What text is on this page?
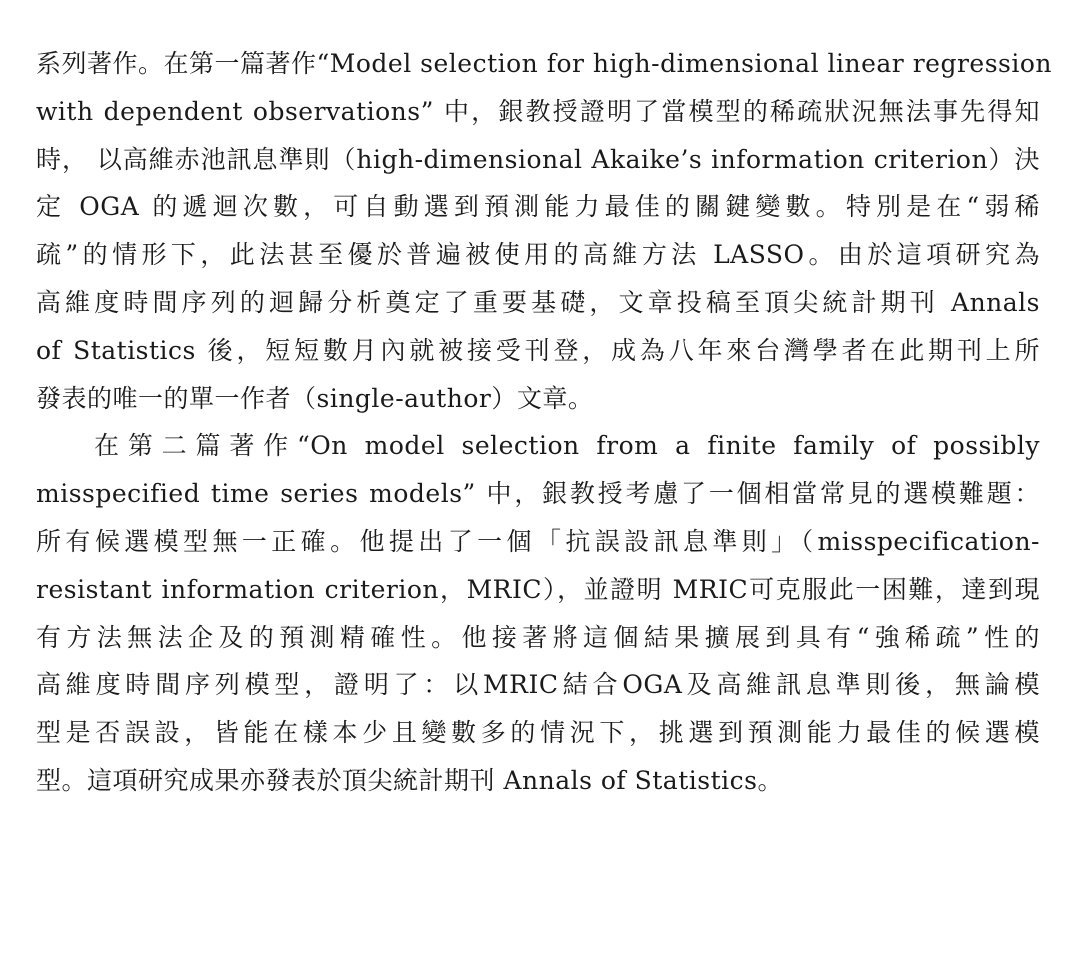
系列著作。在第一篇著作“Model selection for high-dimensional linear regression
with dependent observations” 中，銀教授證明了當模型的稀疏狀況無法事先得知
時， 以高維赤池訊息準則（high-dimensional Akaike’s information criterion）決
定 OGA 的遞迴次數，可自動選到預測能力最佳的關鍵變數。特別是在“弱稀
疏”的情形下，此法甚至優於普遍被使用的高維方法 LASSO。由於這項研究為
高維度時間序列的迴歸分析奠定了重要基礎，文章投稿至頂尖統計期刊 Annals
of Statistics 後，短短數月內就被接受刊登，成為八年來台灣學者在此期刊上所
發表的唯一的單一作者（single-author）文章。
在第二篇著作“On model selection from a finite family of possibly
misspecified time series models” 中，銀教授考慮了一個相當常見的選模難題：
所有候選模型無一正確。他提出了一個「抗誤設訊息準則」（misspecification-
resistant information criterion，MRIC），並證明 MRIC可克服此一困難，達到現
有方法無法企及的預測精確性。他接著將這個結果擴展到具有“強稀疏”性的
高維度時間序列模型，證明了：以MRIC結合OGA及高維訊息準則後，無論模
型是否誤設，皆能在樣本少且變數多的情況下，挑選到預測能力最佳的候選模
型。這項研究成果亦發表於頂尖統計期刊 Annals of Statistics。
